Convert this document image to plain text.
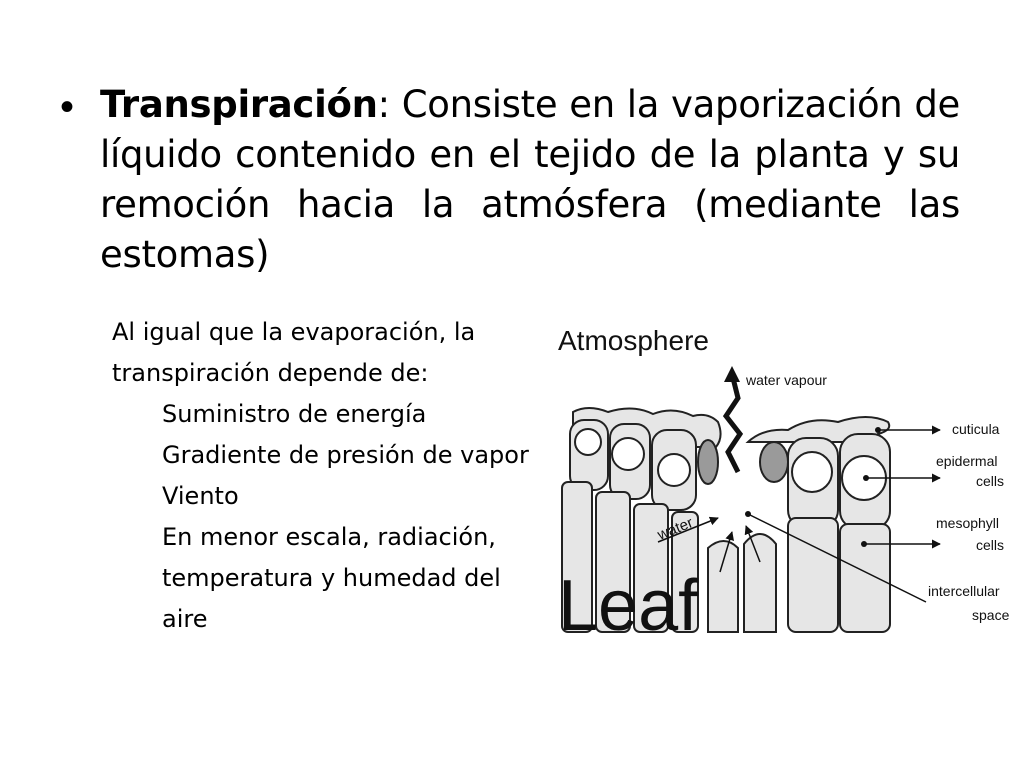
• Transpiración: Consiste en la vaporización de líquido contenido en el tejido de la planta y su remoción hacia la atmósfera (mediante las estomas)
Al igual que la evaporación, la
transpiración depende de:
Suministro de energía
Gradiente de presión de vapor
Viento
En menor escala, radiación, temperatura y humedad del aire
Atmosphere
water vapour
water
Leaf
cuticula
epidermal
cells
mesophyll
cells
intercellular
space
